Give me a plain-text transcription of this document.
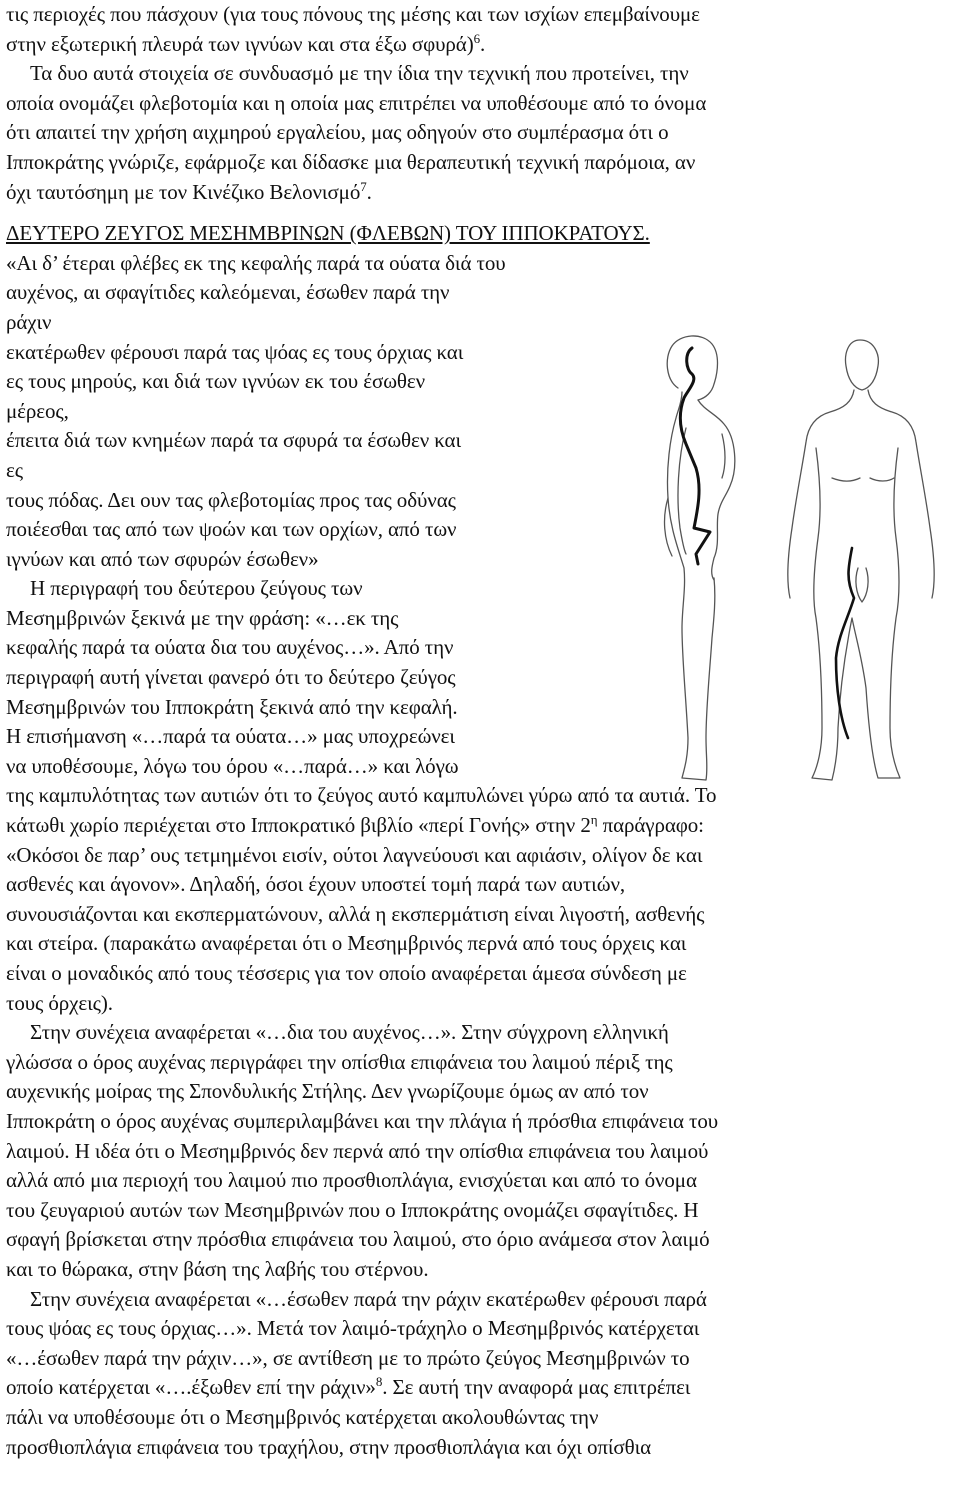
τις περιοχές που πάσχουν (για τους πόνους της μέσης και των ισχίων επεμβαίνουμε
στην εξωτερική πλευρά των ιγνύων και στα έξω σφυρά)$^6$.
Τα δυο αυτά στοιχεία σε συνδυασμό με την ίδια την τεχνική που προτείνει, την
οποία ονομάζει φλεβοτομία και η οποία μας επιτρέπει να υποθέσουμε από το όνομα
ότι απαιτεί την χρήση αιχμηρού εργαλείου, μας οδηγούν στο συμπέρασμα ότι ο
Ιπποκράτης γνώριζε, εφάρμοζε και δίδασκε μια θεραπευτική τεχνική παρόμοια, αν
όχι ταυτόσημη με τον Κινέζικο Βελονισμό$^7$.
ΔΕΥΤΕΡΟ ΖΕΥΓΟΣ ΜΕΣΗΜΒΡΙΝΩΝ (ΦΛΕΒΩΝ) ΤΟΥ ΙΠΠΟΚΡΑΤΟΥΣ.
«Αι δ’ έτεραι φλέβες εκ της κεφαλής παρά τα ούατα διά του
αυχένος, αι σφαγίτιδες καλεόμεναι, έσωθεν παρά την
ράχιν
εκατέρωθεν φέρουσι παρά τας ψόας ες τους όρχιας και
ες τους μηρούς, και διά των ιγνύων εκ του έσωθεν
μέρεος,
έπειτα διά των κνημέων παρά τα σφυρά τα έσωθεν και
ες
τους πόδας. Δει ουν τας φλεβοτομίας προς τας οδύνας
ποιέεσθαι τας από των ψοών και των ορχίων, από των
ιγνύων και από των σφυρών έσωθεν»
Η περιγραφή του δεύτερου ζεύγους των
Μεσημβρινών ξεκινά με την φράση: «…εκ της
κεφαλής παρά τα ούατα δια του αυχένος…». Από την
περιγραφή αυτή γίνεται φανερό ότι το δεύτερο ζεύγος
Μεσημβρινών του Ιπποκράτη ξεκινά από την κεφαλή.
Η επισήμανση «…παρά τα ούατα…» μας υποχρεώνει
να υποθέσουμε, λόγω του όρου «…παρά…» και λόγω
της καμπυλότητας των αυτιών ότι το ζεύγος αυτό καμπυλώνει γύρω από τα αυτιά. Το
κάτωθι χωρίο περιέχεται στο Ιπποκρατικό βιβλίο «περί Γονής» στην $2^\eta$ παράγραφο:
«Οκόσοι δε παρ’ ους τετμημένοι εισίν, ούτοι λαγνεύουσι και αφιάσιν, ολίγον δε και
ασθενές και άγονον». Δηλαδή, όσοι έχουν υποστεί τομή παρά των αυτιών,
συνουσιάζονται και εκσπερματώνουν, αλλά η εκσπερμάτιση είναι λιγοστή, ασθενής
και στείρα. (παρακάτω αναφέρεται ότι ο Μεσημβρινός περνά από τους όρχεις και
είναι ο μοναδικός από τους τέσσερις για τον οποίο αναφέρεται άμεσα σύνδεση με
τους όρχεις).
Στην συνέχεια αναφέρεται «…δια του αυχένος…». Στην σύγχρονη ελληνική
γλώσσα ο όρος αυχένας περιγράφει την οπίσθια επιφάνεια του λαιμού πέριξ της
αυχενικής μοίρας της Σπονδυλικής Στήλης. Δεν γνωρίζουμε όμως αν από τον
Ιπποκράτη ο όρος αυχένας συμπεριλαμβάνει και την πλάγια ή πρόσθια επιφάνεια του
λαιμού. Η ιδέα ότι ο Μεσημβρινός δεν περνά από την οπίσθια επιφάνεια του λαιμού
αλλά από μια περιοχή του λαιμού πιο προσθιοπλάγια, ενισχύεται και από το όνομα
του ζευγαριού αυτών των Μεσημβρινών που ο Ιπποκράτης ονομάζει σφαγίτιδες. Η
σφαγή βρίσκεται στην πρόσθια επιφάνεια του λαιμού, στο όριο ανάμεσα στον λαιμό
και το θώρακα, στην βάση της λαβής του στέρνου.
Στην συνέχεια αναφέρεται «…έσωθεν παρά την ράχιν εκατέρωθεν φέρουσι παρά
τους ψόας ες τους όρχιας…». Μετά τον λαιμό-τράχηλο ο Μεσημβρινός κατέρχεται
«…έσωθεν παρά την ράχιν…», σε αντίθεση με το πρώτο ζεύγος Μεσημβρινών το
οποίο κατέρχεται «….έξωθεν επί την ράχιν»$^8$. Σε αυτή την αναφορά μας επιτρέπει
πάλι να υποθέσουμε ότι ο Μεσημβρινός κατέρχεται ακολουθώντας την
προσθιοπλάγια επιφάνεια του τραχήλου, στην προσθιοπλάγια και όχι οπίσθια
